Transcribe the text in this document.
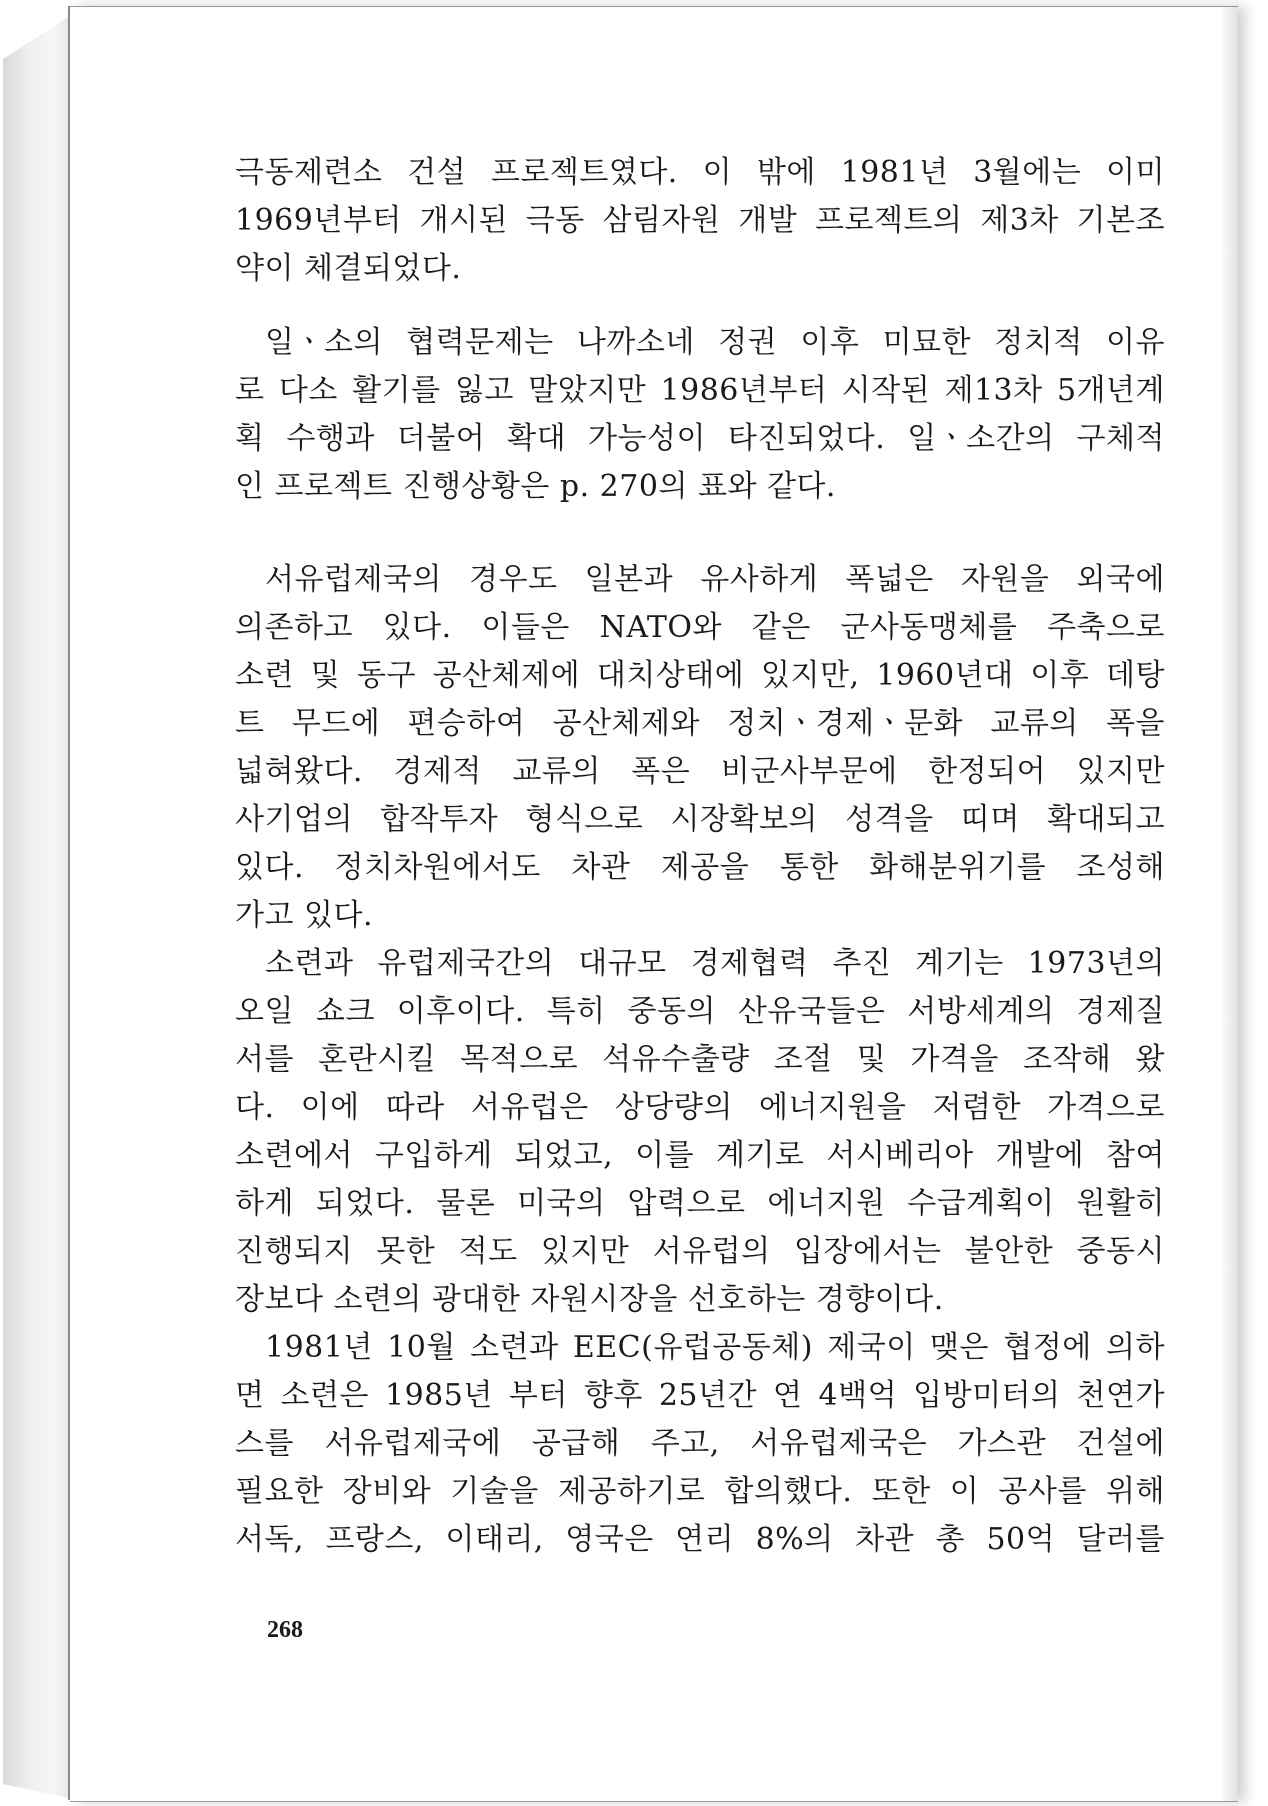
극동제련소 건설 프로젝트였다. 이 밖에 1981년 3월에는 이미
1969년부터 개시된 극동 삼림자원 개발 프로젝트의 제3차 기본조
약이 체결되었다.
일ㆍ소의 협력문제는 나까소네 정권 이후 미묘한 정치적 이유
로 다소 활기를 잃고 말았지만 1986년부터 시작된 제13차 5개년계
획 수행과 더불어 확대 가능성이 타진되었다. 일ㆍ소간의 구체적
인 프로젝트 진행상황은 p. 270의 표와 같다.
서유럽제국의 경우도 일본과 유사하게 폭넓은 자원을 외국에
의존하고 있다. 이들은 NATO와 같은 군사동맹체를 주축으로
소련 및 동구 공산체제에 대치상태에 있지만, 1960년대 이후 데탕
트 무드에 편승하여 공산체제와 정치ㆍ경제ㆍ문화 교류의 폭을
넓혀왔다. 경제적 교류의 폭은 비군사부문에 한정되어 있지만
사기업의 합작투자 형식으로 시장확보의 성격을 띠며 확대되고
있다. 정치차원에서도 차관 제공을 통한 화해분위기를 조성해
가고 있다.
소련과 유럽제국간의 대규모 경제협력 추진 계기는 1973년의
오일 쇼크 이후이다. 특히 중동의 산유국들은 서방세계의 경제질
서를 혼란시킬 목적으로 석유수출량 조절 및 가격을 조작해 왔
다. 이에 따라 서유럽은 상당량의 에너지원을 저렴한 가격으로
소련에서 구입하게 되었고, 이를 계기로 서시베리아 개발에 참여
하게 되었다. 물론 미국의 압력으로 에너지원 수급계획이 원활히
진행되지 못한 적도 있지만 서유럽의 입장에서는 불안한 중동시
장보다 소련의 광대한 자원시장을 선호하는 경향이다.
1981년 10월 소련과 EEC(유럽공동체) 제국이 맺은 협정에 의하
면 소련은 1985년 부터 향후 25년간 연 4백억 입방미터의 천연가
스를 서유럽제국에 공급해 주고, 서유럽제국은 가스관 건설에
필요한 장비와 기술을 제공하기로 합의했다. 또한 이 공사를 위해
서독, 프랑스, 이태리, 영국은 연리 8%의 차관 총 50억 달러를
268
